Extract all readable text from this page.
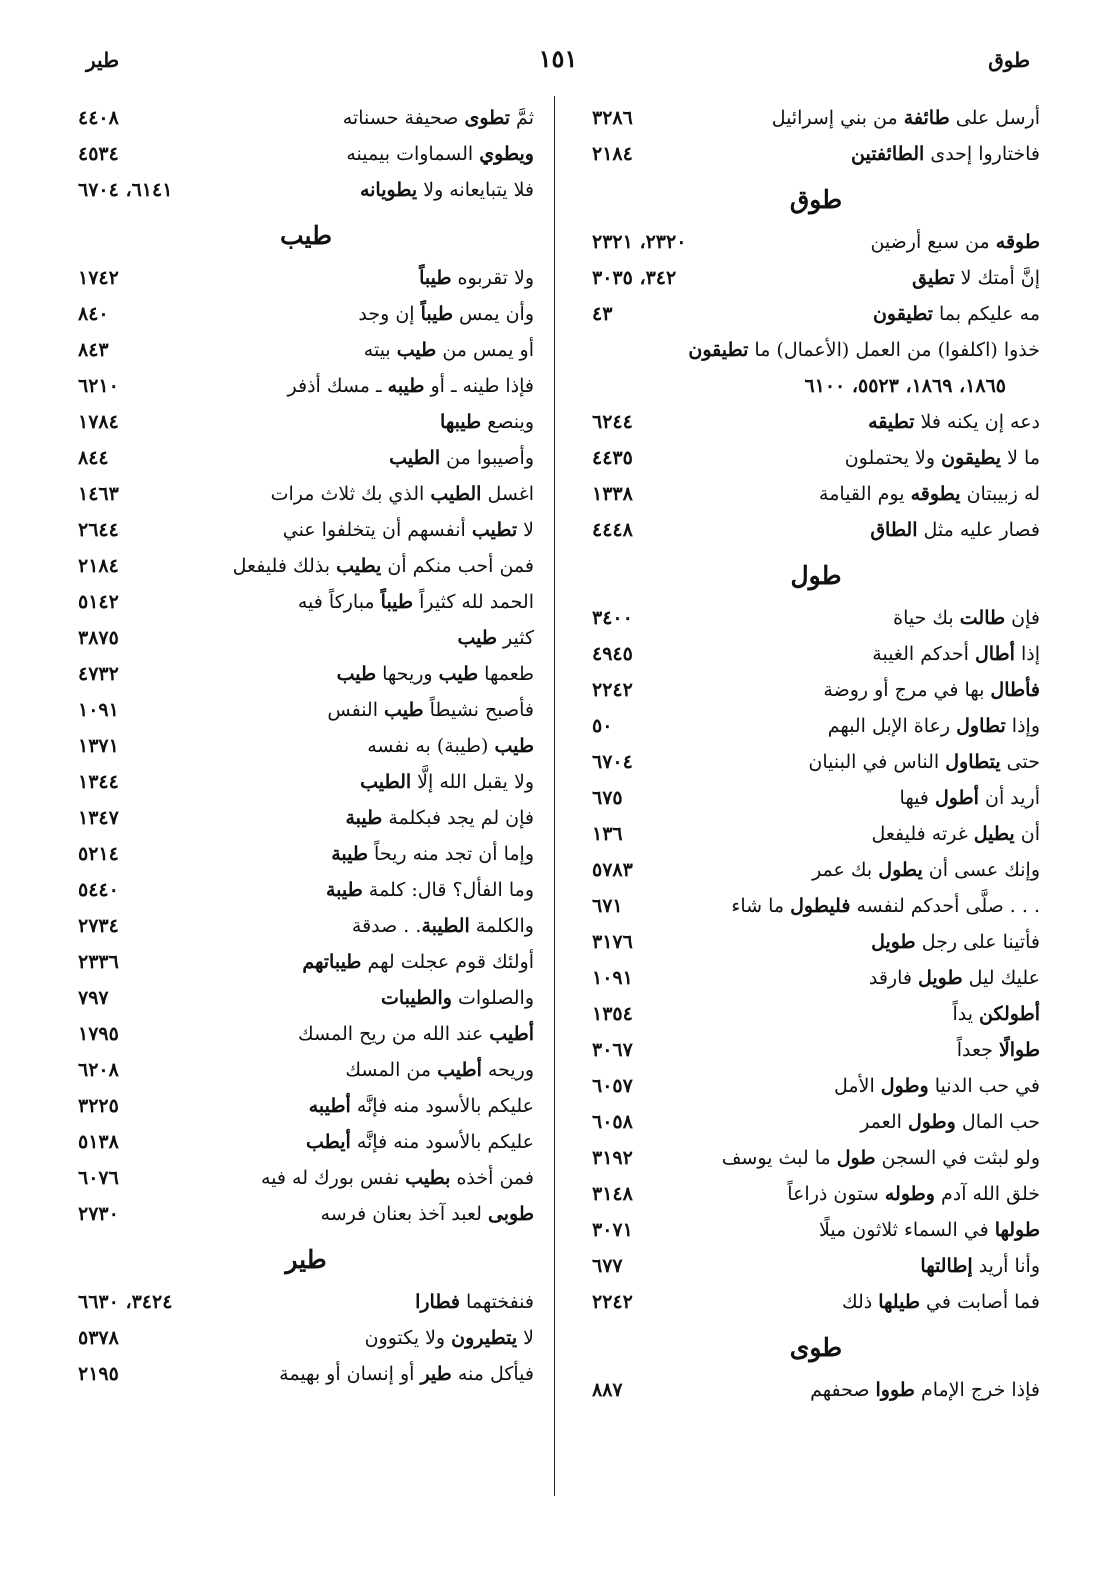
طوق
١٥١
طير
أرسل على طائفة من بني إسرائيل
٣٢٨٦
فاختاروا إحدى الطائفتين
٢١٨٤
طوق
طوقه من سبع أرضين
٢٣٢٠، ٢٣٢١
إنَّ أمتك لا تطيق
٣٤٢، ٣٠٣٥
مه عليكم بما تطيقون
٤٣
خذوا (اكلفوا) من العمل (الأعمال) ما تطيقون
١٨٦٥، ١٨٦٩، ٥٥٢٣، ٦١٠٠
دعه إن يكنه فلا تطيقه
٦٢٤٤
ما لا يطيقون ولا يحتملون
٤٤٣٥
له زبيبتان يطوقه يوم القيامة
١٣٣٨
فصار عليه مثل الطاق
٤٤٤٨
طول
فإن طالت بك حياة
٣٤٠٠
إذا أطال أحدكم الغيبة
٤٩٤٥
فأطال بها في مرج أو روضة
٢٢٤٢
وإذا تطاول رعاة الإبل البهم
٥٠
حتى يتطاول الناس في البنيان
٦٧٠٤
أريد أن أطول فيها
٦٧٥
أن يطيل غرته فليفعل
١٣٦
وإنك عسى أن يطول بك عمر
٥٧٨٣
. . . صلَّى أحدكم لنفسه فليطول ما شاء
٦٧١
فأتينا على رجل طويل
٣١٧٦
عليك ليل طويل فارقد
١٠٩١
أطولكن يداً
١٣٥٤
طوالًا جعداً
٣٠٦٧
في حب الدنيا وطول الأمل
٦٠٥٧
حب المال وطول العمر
٦٠٥٨
ولو لبثت في السجن طول ما لبث يوسف
٣١٩٢
خلق الله آدم وطوله ستون ذراعاً
٣١٤٨
طولها في السماء ثلاثون ميلًا
٣٠٧١
وأنا أريد إطالتها
٦٧٧
فما أصابت في طيلها ذلك
٢٢٤٢
طوى
فإذا خرج الإمام طووا صحفهم
٨٨٧
ثمَّ تطوى صحيفة حسناته
٤٤٠٨
ويطوي السماوات بيمينه
٤٥٣٤
فلا يتبايعانه ولا يطويانه
٦١٤١، ٦٧٠٤
طيب
ولا تقربوه طيباً
١٧٤٢
وأن يمس طيباً إن وجد
٨٤٠
أو يمس من طيب بيته
٨٤٣
فإذا طينه ـ أو طيبه ـ مسك أذفر
٦٢١٠
وينصع طيبها
١٧٨٤
وأصيبوا من الطيب
٨٤٤
اغسل الطيب الذي بك ثلاث مرات
١٤٦٣
لا تطيب أنفسهم أن يتخلفوا عني
٢٦٤٤
فمن أحب منكم أن يطيب بذلك فليفعل
٢١٨٤
الحمد لله كثيراً طيباً مباركاً فيه
٥١٤٢
كثير طيب
٣٨٧٥
طعمها طيب وريحها طيب
٤٧٣٢
فأصبح نشيطاً طيب النفس
١٠٩١
طيب (طيبة) به نفسه
١٣٧١
ولا يقبل الله إلَّا الطيب
١٣٤٤
فإن لم يجد فبكلمة طيبة
١٣٤٧
وإما أن تجد منه ريحاً طيبة
٥٢١٤
وما الفأل؟ قال: كلمة طيبة
٥٤٤٠
والكلمة الطيبة. . صدقة
٢٧٣٤
أولئك قوم عجلت لهم طيباتهم
٢٣٣٦
والصلوات والطيبات
٧٩٧
أطيب عند الله من ريح المسك
١٧٩٥
وريحه أطيب من المسك
٦٢٠٨
عليكم بالأسود منه فإنَّه أطيبه
٣٢٢٥
عليكم بالأسود منه فإنَّه أيطب
٥١٣٨
فمن أخذه بطيب نفس بورك له فيه
٦٠٧٦
طوبى لعبد آخذ بعنان فرسه
٢٧٣٠
طير
فنفختهما فطارا
٣٤٢٤، ٦٦٣٠
لا يتطيرون ولا يكتوون
٥٣٧٨
فيأكل منه طير أو إنسان أو بهيمة
٢١٩٥
